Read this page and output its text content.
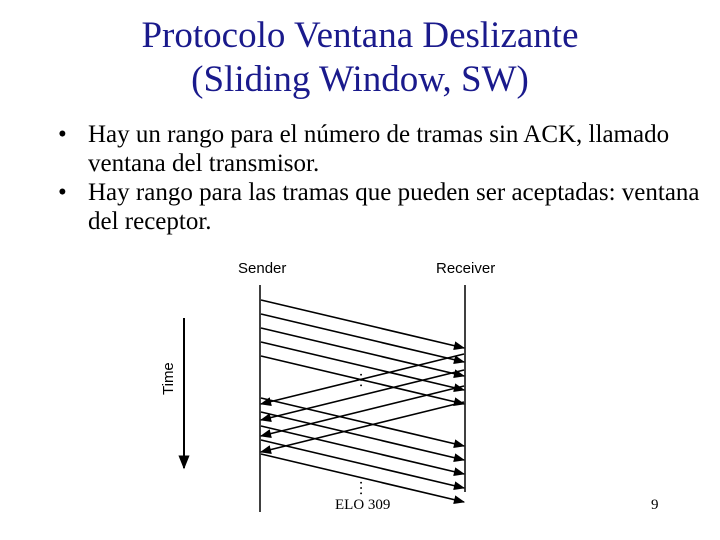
Protocolo Ventana Deslizante
(Sliding Window, SW)
• Hay un rango para el número de tramas sin ACK, llamado ventana del transmisor.
• Hay rango para las tramas que pueden ser aceptadas: ventana del receptor.
Sender	Receiver
Time	…
…
ELO 309	9
